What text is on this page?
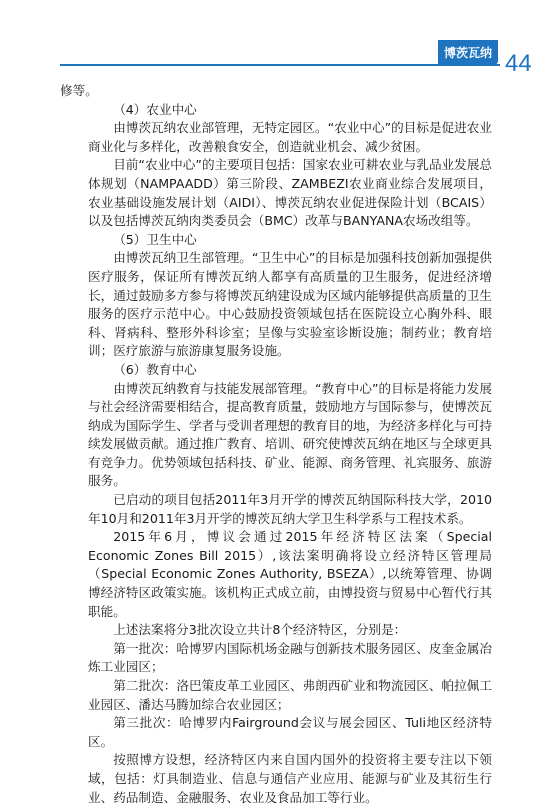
博茨瓦纳 44

修等。

（4）农业中心

由博茨瓦纳农业部管理，无特定园区。“农业中心”的目标是促进农业商业化与多样化，改善粮食安全，创造就业机会、减少贫困。

目前“农业中心”的主要项目包括：国家农业可耕农业与乳品业发展总体规划（NAMPAADD）第三阶段、ZAMBEZI农业商业综合发展项目，农业基础设施发展计划（AIDI）、博茨瓦纳农业促进保险计划（BCAIS）以及包括博茨瓦纳肉类委员会（BMC）改革与BANYANA农场改组等。

（5）卫生中心

由博茨瓦纳卫生部管理。“卫生中心”的目标是加强科技创新加强提供医疗服务，保证所有博茨瓦纳人都享有高质量的卫生服务，促进经济增长，通过鼓励多方参与将博茨瓦纳建设成为区域内能够提供高质量的卫生服务的医疗示范中心。中心鼓励投资领域包括在医院设立心胸外科、眼科、肾病科、整形外科诊室；呈像与实验室诊断设施；制药业；教育培训；医疗旅游与旅游康复服务设施。

（6）教育中心

由博茨瓦纳教育与技能发展部管理。“教育中心”的目标是将能力发展与社会经济需要相结合，提高教育质量，鼓励地方与国际参与，使博茨瓦纳成为国际学生、学者与受训者理想的教育目的地，为经济多样化与可持续发展做贡献。通过推广教育、培训、研究使博茨瓦纳在地区与全球更具有竞争力。优势领域包括科技、矿业、能源、商务管理、礼宾服务、旅游服务。

已启动的项目包括2011年3月开学的博茨瓦纳国际科技大学，2010年10月和2011年3月开学的博茨瓦纳大学卫生科学系与工程技术系。

2015年6月，博议会通过2015年经济特区法案（Special Economic Zones Bill 2015）,该法案明确将设立经济特区管理局（Special Economic Zones Authority, BSEZA）,以统筹管理、协调博经济特区政策实施。该机构正式成立前，由博投资与贸易中心暂代行其职能。

上述法案将分3批次设立共计8个经济特区，分别是：

第一批次：哈博罗内国际机场金融与创新技术服务园区、皮奎金属冶炼工业园区；

第二批次：洛巴策皮革工业园区、弗朗西矿业和物流园区、帕拉佩工业园区、潘达马腾加综合农业园区；

第三批次：哈博罗内Fairground会议与展会园区、Tuli地区经济特区。

按照博方设想，经济特区内来自国内国外的投资将主要专注以下领域，包括：灯具制造业、信息与通信产业应用、能源与矿业及其衍生行业、药品制造、金融服务、农业及食品加工等行业。
